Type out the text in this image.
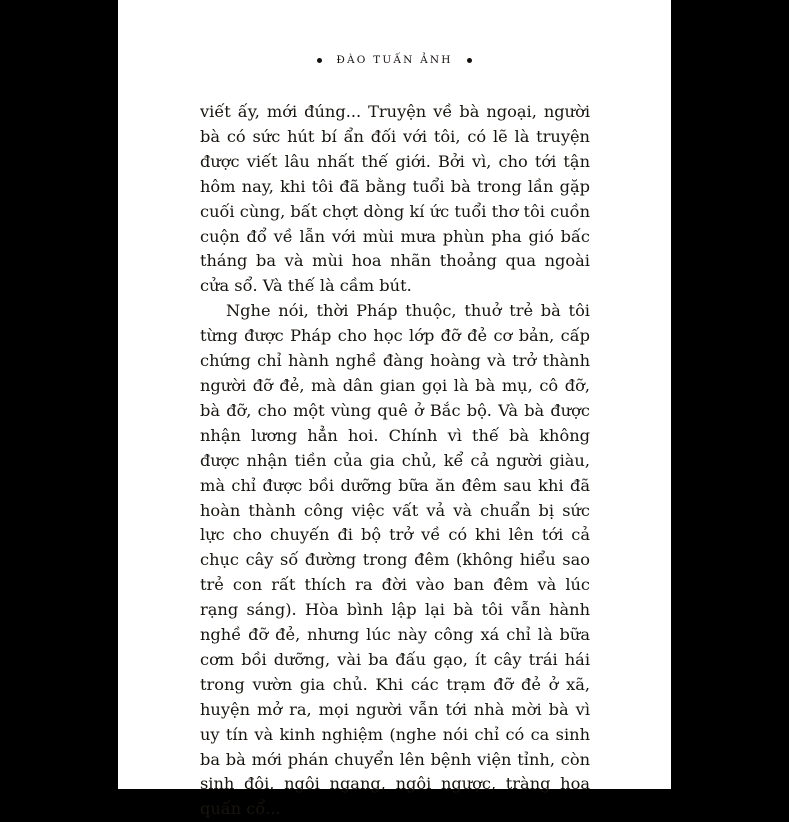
ĐÀO TUẤN ẢNH

viết ấy, mới đúng... Truyện về bà ngoại, người bà có sức hút bí ẩn đối với tôi, có lẽ là truyện được viết lâu nhất thế giới. Bởi vì, cho tới tận hôm nay, khi tôi đã bằng tuổi bà trong lần gặp cuối cùng, bất chợt dòng kí ức tuổi thơ tôi cuồn cuộn đổ về lẫn với mùi mưa phùn pha gió bấc tháng ba và mùi hoa nhãn thoảng qua ngoài cửa sổ. Và thế là cầm bút.

Nghe nói, thời Pháp thuộc, thuở trẻ bà tôi từng được Pháp cho học lớp đỡ đẻ cơ bản, cấp chứng chỉ hành nghề đàng hoàng và trở thành người đỡ đẻ, mà dân gian gọi là bà mụ, cô đỡ, bà đỡ, cho một vùng quê ở Bắc bộ. Và bà được nhận lương hẳn hoi. Chính vì thế bà không được nhận tiền của gia chủ, kể cả người giàu, mà chỉ được bồi dưỡng bữa ăn đêm sau khi đã hoàn thành công việc vất vả và chuẩn bị sức lực cho chuyến đi bộ trở về có khi lên tới cả chục cây số đường trong đêm (không hiểu sao trẻ con rất thích ra đời vào ban đêm và lúc rạng sáng). Hòa bình lập lại bà tôi vẫn hành nghề đỡ đẻ, nhưng lúc này công xá chỉ là bữa cơm bồi dưỡng, vài ba đấu gạo, ít cây trái hái trong vườn gia chủ. Khi các trạm đỡ đẻ ở xã, huyện mở ra, mọi người vẫn tới nhà mời bà vì uy tín và kinh nghiệm (nghe nói chỉ có ca sinh ba bà mới phán chuyển lên bệnh viện tỉnh, còn sinh đôi, ngôi ngang, ngôi ngược, tràng hoa quấn cổ...
